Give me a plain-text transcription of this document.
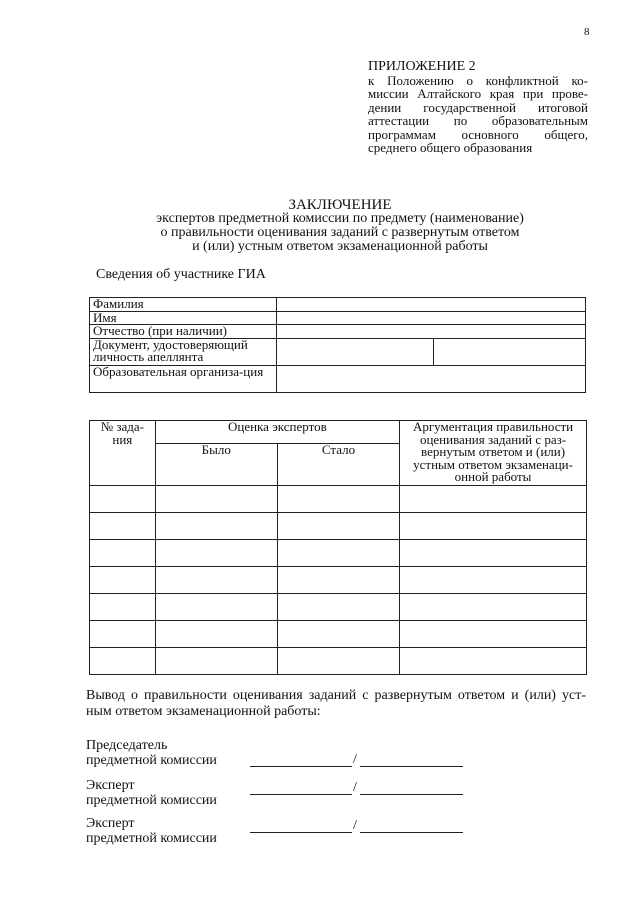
8
ПРИЛОЖЕНИЕ 2
к Положению о конфликтной ко-
миссии Алтайского края при прове-
дении государственной итоговой
аттестации по образовательным
программам основного общего,
среднего общего образования
ЗАКЛЮЧЕНИЕ
экспертов предметной комиссии по предмету (наименование)
о правильности оценивания заданий с развернутым ответом
и (или) устным ответом экзаменационной работы
Сведения об участнике ГИА
Фамилия		
Имя		
Отчество (при наличии)		
Документ, удостоверяющий личность апеллянта		
Образовательная организа-ция		
№ зада-ния	Оценка экспертов		Аргументация правильности оценивания заданий с раз-вернутым ответом и (или) устным ответом экзаменаци-онной работы
	Было	Стало	

Вывод о правильности оценивания заданий с развернутым ответом и (или) уст-ным ответом экзаменационной работы:
Председатель
предметной комиссии	/
Эксперт
предметной комиссии
/
Эксперт
предметной комиссии
/
